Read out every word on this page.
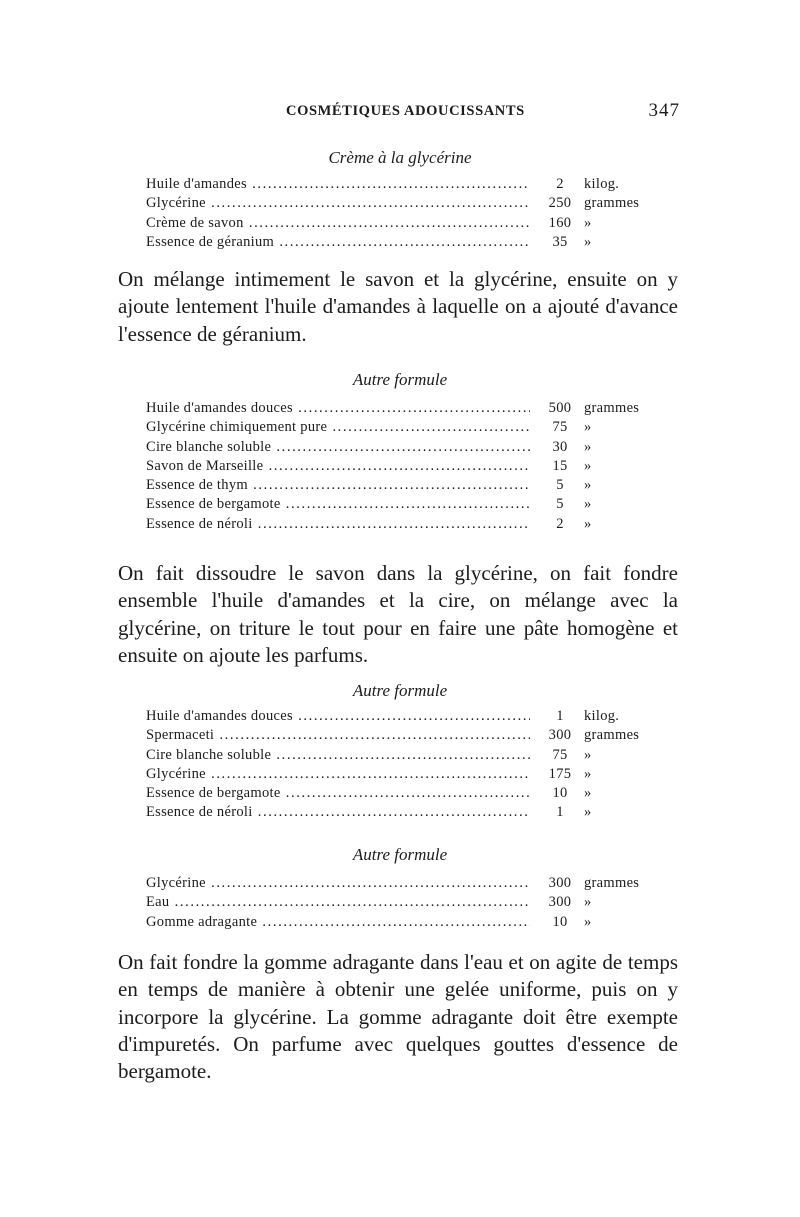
COSMÉTIQUES ADOUCISSANTS	347
Crème à la glycérine
Huile d'amandes .....	2	kilog.
Glycérine .....	250 grammes
Crème de savon .....	160 »
Essence de géranium .....	35	»

On mélange intimement le savon et la glycérine, ensuite on y ajoute lentement l'huile d'amandes à laquelle on a ajouté d'avance l'essence de géranium.

Autre formule
Huile d'amandes douces .....	500 grammes
Glycérine chimiquement pure .....	75	»
Cire blanche soluble .....	30	»
Savon de Marseille .....	15	»
Essence de thym .....	5	»
Essence de bergamote .....	5	»
Essence de néroli .....	2	»

On fait dissoudre le savon dans la glycérine, on fait fondre ensemble l'huile d'amandes et la cire, on mélange avec la glycérine, on triture le tout pour en faire une pâte homogène et ensuite on ajoute les parfums.

Autre formule
Huile d'amandes douces .....	1	kilog.
Spermaceti .....	300 grammes
Cire blanche soluble .....	75	»
Glycérine .....	175 »
Essence de bergamote .....	10	»
Essence de néroli .....	1	»
Autre formule
Glycérine .....	300 grammes
Eau .....	300 »
Gomme adragante .....	10	»

On fait fondre la gomme adragante dans l'eau et on agite de temps en temps de manière à obtenir une gelée uniforme, puis on y incorpore la glycérine. La gomme adragante doit être exempte d'impuretés. On parfume avec quelques gouttes d'essence de bergamote.
